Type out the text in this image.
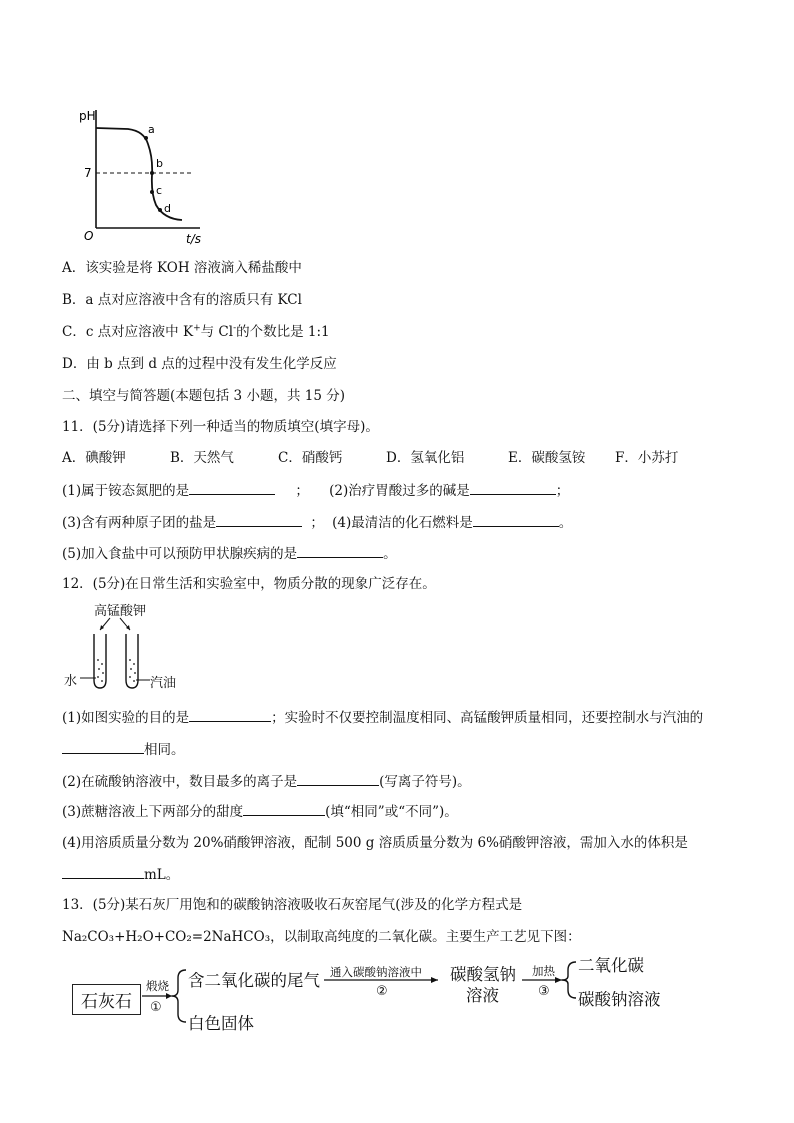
pH
7
O	t/s
a
b
c
d
A．该实验是将 KOH 溶液滴入稀盐酸中
B．a 点对应溶液中含有的溶质只有 KCl
C．c 点对应溶液中 K+与 Cl-的个数比是 1:1
D．由 b 点到 d 点的过程中没有发生化学反应
二、填空与简答题(本题包括 3 小题，共 15 分)
11．(5分)请选择下列一种适当的物质填空(填字母)。
A．碘酸钾	B．天然气	C．硝酸钙	D．氢氧化铝	E．碳酸氢铵 F．小苏打
(1)属于铵态氮肥的是	； (2)治疗胃酸过多的碱是	；
(3)含有两种原子团的盐是	； (4)最清洁的化石燃料是	。
(5)加入食盐中可以预防甲状腺疾病的是	。
12．(5分)在日常生活和实验室中，物质分散的现象广泛存在。
高锰酸钾
水	汽油
(1)如图实验的目的是	；实验时不仅要控制温度相同、高锰酸钾质量相同，还要控制水与汽油的
相同。
(2)在硫酸钠溶液中，数目最多的离子是	(写离子符号)。
(3)蔗糖溶液上下两部分的甜度	(填“相同”或“不同”)。
(4)用溶质质量分数为 20%硝酸钾溶液，配制 500 g 溶质质量分数为 6%硝酸钾溶液，需加入水的体积是
mL。
13．(5分)某石灰厂用饱和的碳酸钠溶液吸收石灰窑尾气(涉及的化学方程式是
Na₂CO₃+H₂O+CO₂=2NaHCO₃，以制取高纯度的二氧化碳。主要生产工艺见下图：
石灰石
煅烧
①
含二氧化碳的尾气
白色固体
通入碳酸钠溶液中
②
碳酸氢钠
溶液
加热
③
二氧化碳
碳酸钠溶液
